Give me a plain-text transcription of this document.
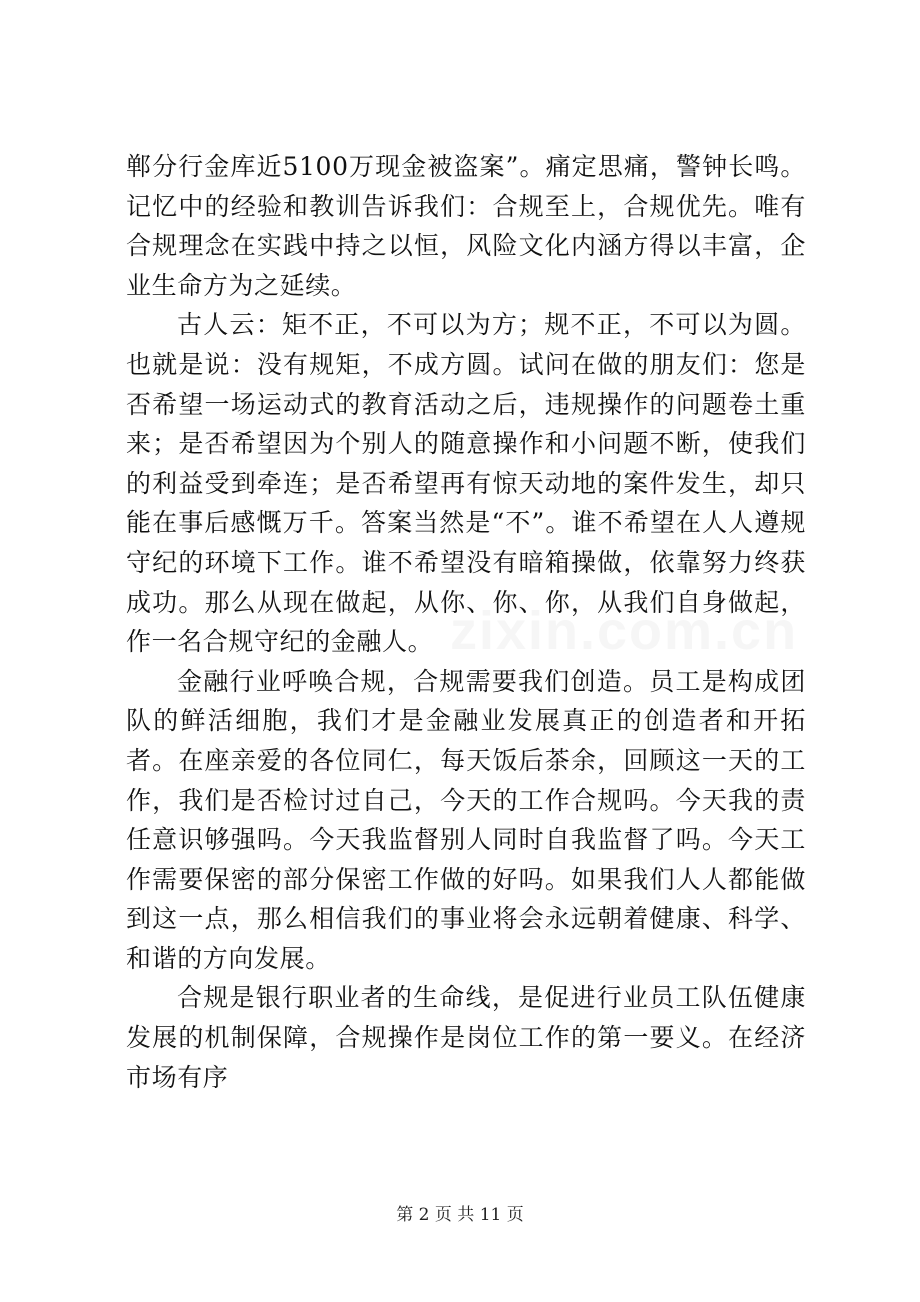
郸分行金库近5100万现金被盗案”。痛定思痛，警钟长鸣。记忆中的经验和教训告诉我们：合规至上，合规优先。唯有合规理念在实践中持之以恒，风险文化内涵方得以丰富，企业生命方为之延续。

古人云：矩不正，不可以为方；规不正，不可以为圆。也就是说：没有规矩，不成方圆。试问在做的朋友们：您是否希望一场运动式的教育活动之后，违规操作的问题卷土重来；是否希望因为个别人的随意操作和小问题不断，使我们的利益受到牵连；是否希望再有惊天动地的案件发生，却只能在事后感慨万千。答案当然是“不”。谁不希望在人人遵规守纪的环境下工作。谁不希望没有暗箱操做，依靠努力终获成功。那么从现在做起，从你、你、你，从我们自身做起，作一名合规守纪的金融人。

金融行业呼唤合规，合规需要我们创造。员工是构成团队的鲜活细胞，我们才是金融业发展真正的创造者和开拓者。在座亲爱的各位同仁，每天饭后茶余，回顾这一天的工作，我们是否检讨过自己，今天的工作合规吗。今天我的责任意识够强吗。今天我监督别人同时自我监督了吗。今天工作需要保密的部分保密工作做的好吗。如果我们人人都能做到这一点，那么相信我们的事业将会永远朝着健康、科学、和谐的方向发展。

合规是银行职业者的生命线，是促进行业员工队伍健康发展的机制保障，合规操作是岗位工作的第一要义。在经济市场有序

zixin.com.cn
第 2 页 共 11 页
